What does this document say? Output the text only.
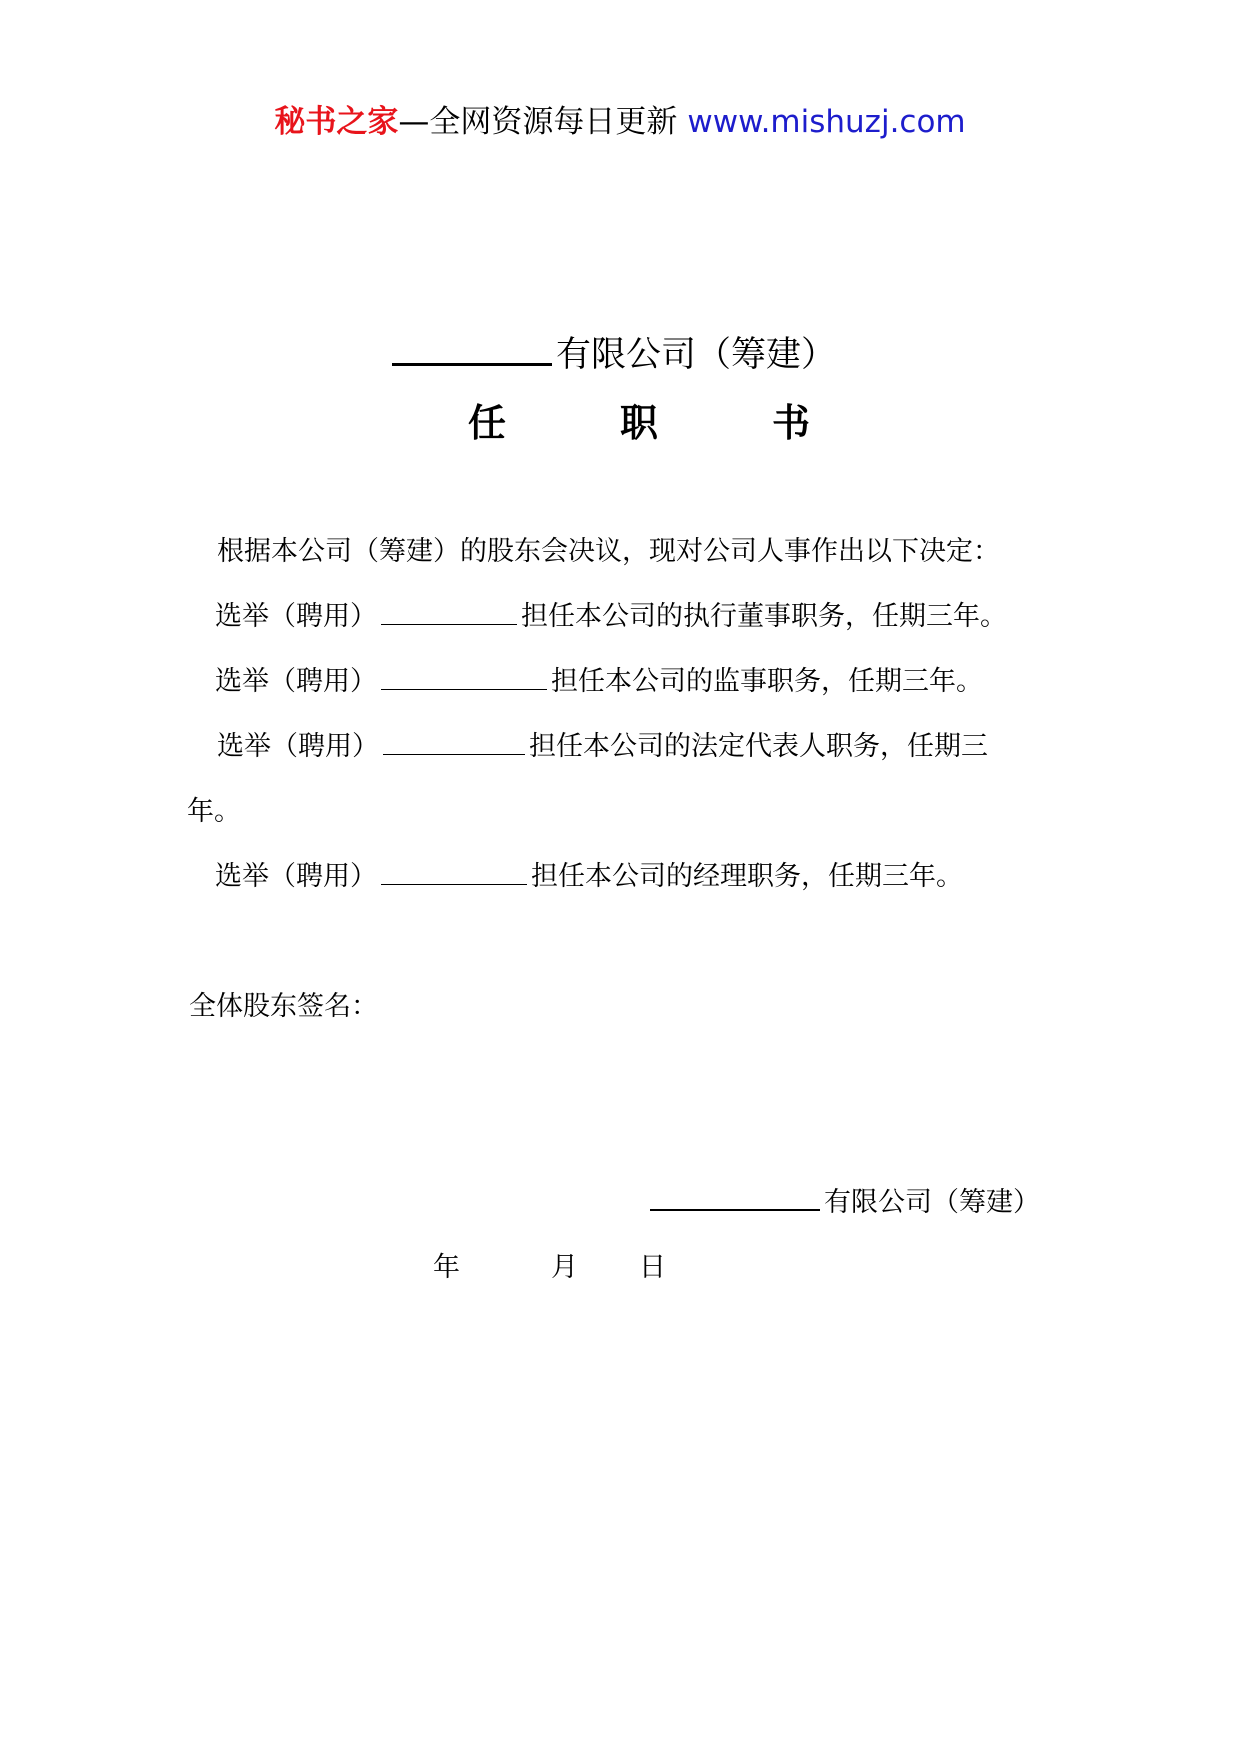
秘书之家—全网资源每日更新 www.mishuzj.com
有限公司（筹建）
任	职	书
根据本公司（筹建）的股东会决议，现对公司人事作出以下决定：
选举（聘用）	担任本公司的执行董事职务，任期三年。
选举（聘用）	担任本公司的监事职务，任期三年。
选举（聘用）	担任本公司的法定代表人职务，任期三
年。
选举（聘用）	担任本公司的经理职务，任期三年。
全体股东签名：
有限公司（筹建）
年	月 日
